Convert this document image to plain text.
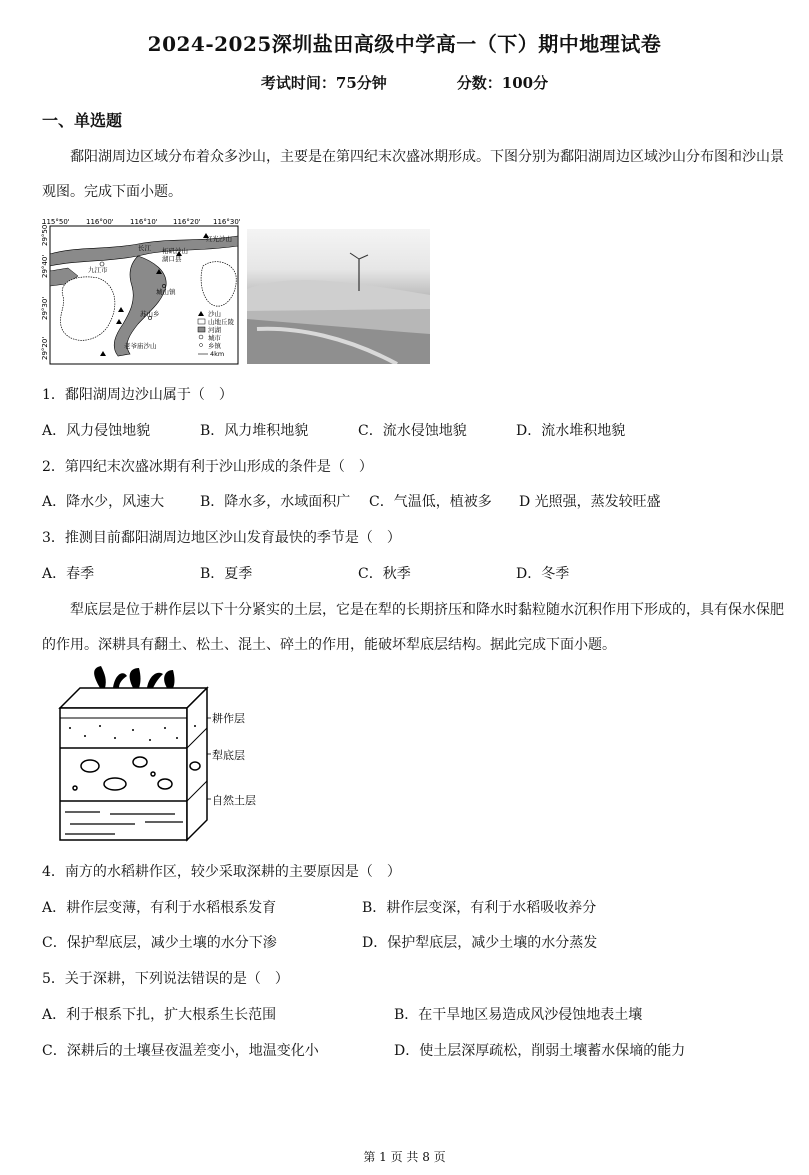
2024-2025深圳盐田高级中学高一（下）期中地理试卷
考试时间：75分钟	分数：100分
一、单选题
鄱阳湖周边区域分布着众多沙山，主要是在第四纪末次盛冰期形成。下图分别为鄱阳湖周边区域沙山分布图和沙山景观图。完成下面小题。
115°50' 116°00' 116°10' 116°20' 116°30'
29°50'
29°40'
29°30'
29°20'
红光沙山
柘矶沙山
湖口县
九江市
城山镇
苏山乡
老爷庙沙山
长江
沙山
山地丘陵
河湖
城市
乡镇
4km
1．鄱阳湖周边沙山属于（　）
A．风力侵蚀地貌	B．风力堆积地貌	C．流水侵蚀地貌	D．流水堆积地貌
2．第四纪末次盛冰期有利于沙山形成的条件是（　）
A．降水少，风速大	B．降水多，水域面积广 C．气温低，植被多 D 光照强，蒸发较旺盛
3．推测目前鄱阳湖周边地区沙山发育最快的季节是（　）
A．春季	B．夏季	C．秋季	D．冬季
犁底层是位于耕作层以下十分紧实的土层，它是在犁的长期挤压和降水时黏粒随水沉积作用下形成的，具有保水保肥的作用。深耕具有翻土、松土、混土、碎土的作用，能破坏犁底层结构。据此完成下面小题。
耕作层
犁底层
自然土层
4．南方的水稻耕作区，较少采取深耕的主要原因是（　）
A．耕作层变薄，有利于水稻根系发育	B．耕作层变深，有利于水稻吸收养分
C．保护犁底层，减少土壤的水分下渗	D．保护犁底层，减少土壤的水分蒸发
5．关于深耕，下列说法错误的是（　）
A．利于根系下扎，扩大根系生长范围	B．在干旱地区易造成风沙侵蚀地表土壤
C．深耕后的土壤昼夜温差变小，地温变化小	D．使土层深厚疏松，削弱土壤蓄水保墒的能力
第 1 页 共 8 页
